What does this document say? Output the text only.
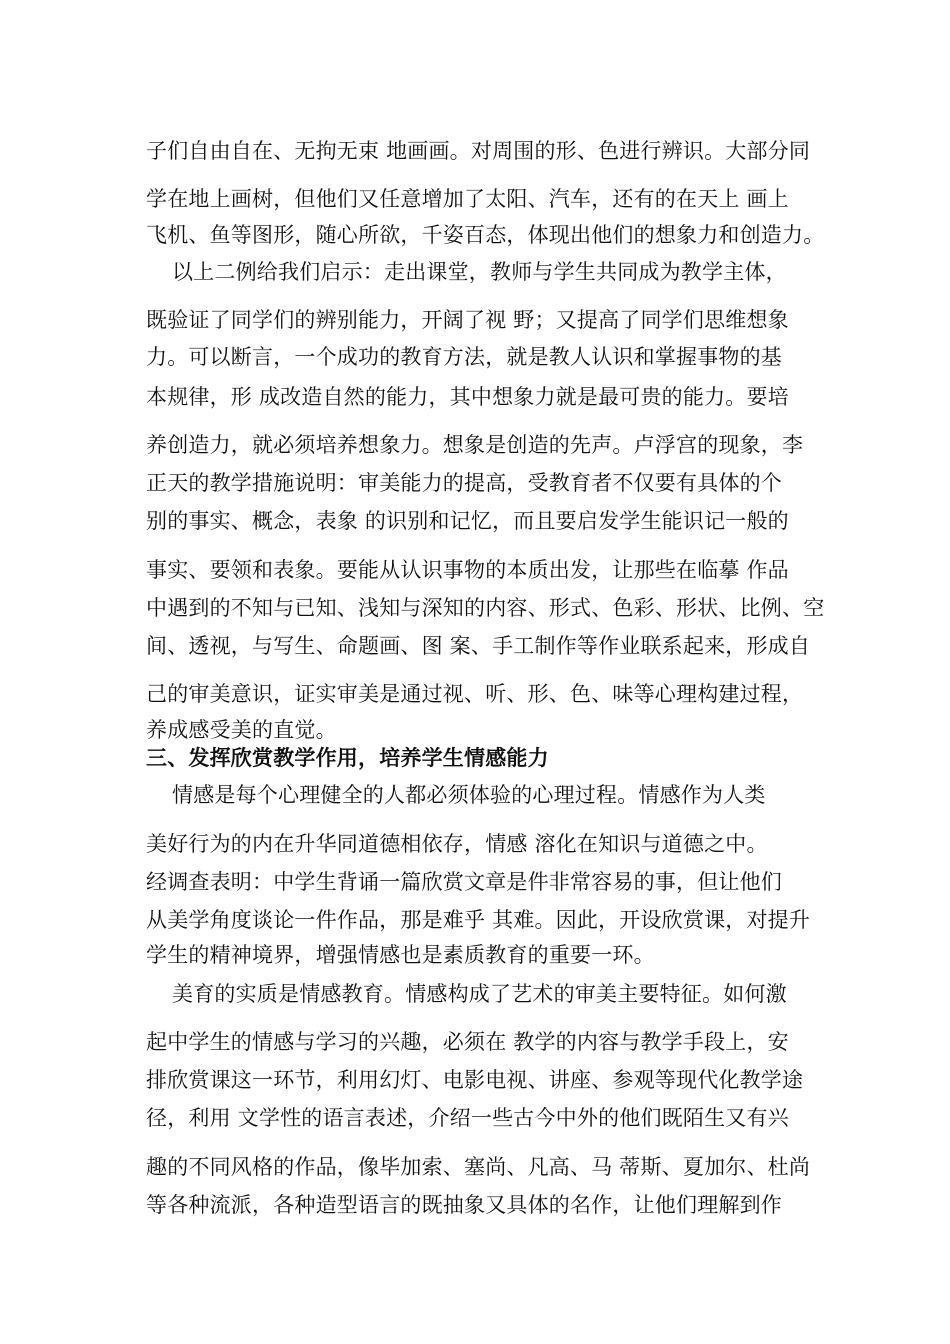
子们自由自在、无拘无束 地画画。对周围的形、色进行辨识。大部分同
学在地上画树，但他们又任意增加了太阳、汽车，还有的在天上 画上
飞机、鱼等图形，随心所欲，千姿百态，体现出他们的想象力和创造力。
以上二例给我们启示：走出课堂，教师与学生共同成为教学主体，
既验证了同学们的辨别能力，开阔了视 野；又提高了同学们思维想象
力。可以断言，一个成功的教育方法，就是教人认识和掌握事物的基
本规律，形 成改造自然的能力，其中想象力就是最可贵的能力。要培
养创造力，就必须培养想象力。想象是创造的先声。卢浮宫的现象，李
正天的教学措施说明：审美能力的提高，受教育者不仅要有具体的个
别的事实、概念，表象 的识别和记忆，而且要启发学生能识记一般的
事实、要领和表象。要能从认识事物的本质出发，让那些在临摹 作品
中遇到的不知与已知、浅知与深知的内容、形式、色彩、形状、比例、空
间、透视，与写生、命题画、图 案、手工制作等作业联系起来，形成自
己的审美意识，证实审美是通过视、听、形、色、味等心理构建过程，
养成感受美的直觉。
三、发挥欣赏教学作用，培养学生情感能力
情感是每个心理健全的人都必须体验的心理过程。情感作为人类
美好行为的内在升华同道德相依存，情感 溶化在知识与道德之中。
经调查表明：中学生背诵一篇欣赏文章是件非常容易的事，但让他们
从美学角度谈论一件作品，那是难乎 其难。因此，开设欣赏课，对提升
学生的精神境界，增强情感也是素质教育的重要一环。
美育的实质是情感教育。情感构成了艺术的审美主要特征。如何激
起中学生的情感与学习的兴趣，必须在 教学的内容与教学手段上，安
排欣赏课这一环节，利用幻灯、电影电视、讲座、参观等现代化教学途
径，利用 文学性的语言表述，介绍一些古今中外的他们既陌生又有兴
趣的不同风格的作品，像毕加索、塞尚、凡高、马 蒂斯、夏加尔、杜尚
等各种流派，各种造型语言的既抽象又具体的名作，让他们理解到作
